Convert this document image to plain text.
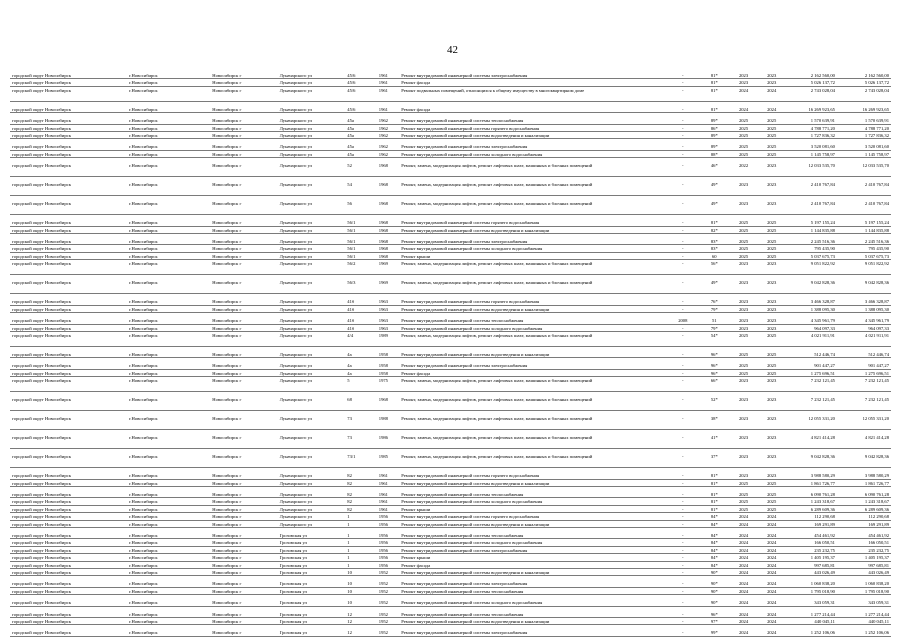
42
городской округ Новосибирск	г.Новосибирск	Новосибирск г	Луначарского ул	45/6	1961	Ремонт внутридомовой инженерной системы электроснабжения	-	81*	2023	2023	2 162 560,00	2 162 560,00
городской округ Новосибирск	г.Новосибирск	Новосибирск г	Луначарского ул	45/6	1961	Ремонт фасада	-	81*	2023	2023	5 026 137,72	5 026 137,72
городской округ Новосибирск	г.Новосибирск	Новосибирск г	Луначарского ул	45/6	1961	Ремонт подвальных помещений, относящихся к общему имуществу в многоквартирном доме	-	81*	2024	2024	2 743 028,04	2 743 028,04

городской округ Новосибирск	г.Новосибирск	Новосибирск г	Луначарского ул	45/6	1961	Ремонт фасада	-	81*	2024	2024	16 269 923,65	16 269 923,65

городской округ Новосибирск	г.Новосибирск	Новосибирск г	Луначарского ул	45а	1962	Ремонт внутридомовой инженерной системы теплоснабжения	-	89*	2025	2025	1 570 639,91	1 570 639,91
городской округ Новосибирск	г.Новосибирск	Новосибирск г	Луначарского ул	45а	1962	Ремонт внутридомовой инженерной системы горячего водоснабжения	-	86*	2025	2025	4 788 771,20	4 788 771,20
городской округ Новосибирск	г.Новосибирск	Новосибирск г	Луначарского ул	45а	1962	Ремонт внутридомовой инженерной системы водоотведения и канализации	-	89*	2025	2025	1 727 836,32	1 727 836,32

городской округ Новосибирск	г.Новосибирск	Новосибирск г	Луначарского ул	45а	1962	Ремонт внутридомовой инженерной системы электроснабжения	-	89*	2025	2025	3 520 081,60	3 520 081,60
городской округ Новосибирск	г.Новосибирск	Новосибирск г	Луначарского ул	45а	1962	Ремонт внутридомовой инженерной системы холодного водоснабжения	-	88*	2025	2025	1 145 758,97	1 145 758,97

городской округ Новосибирск	г.Новосибирск	Новосибирск г	Луначарского ул	52	1968	Ремонт, замена, модернизация лифтов, ремонт лифтовых шахт, машинных и блочных помещений	-	46*	2022	2023	12 033 535,70	12 033 535,70

городской округ Новосибирск	г.Новосибирск	Новосибирск г	Луначарского ул	54	1968	Ремонт, замена, модернизация лифтов, ремонт лифтовых шахт, машинных и блочных помещений	-	49*	2023	2023	2 410 767,84	2 410 767,84

городской округ Новосибирск	г.Новосибирск	Новосибирск г	Луначарского ул	56	1968	Ремонт, замена, модернизация лифтов, ремонт лифтовых шахт, машинных и блочных помещений	-	49*	2023	2023	2 410 767,84	2 410 767,84

городской округ Новосибирск	г.Новосибирск	Новосибирск г	Луначарского ул	56/1	1968	Ремонт внутридомовой инженерной системы горячего водоснабжения	-	81*	2025	2025	5 197 155,24	5 197 155,24
городской округ Новосибирск	г.Новосибирск	Новосибирск г	Луначарского ул	56/1	1968	Ремонт внутридомовой инженерной системы водоотведения и канализации	-	82*	2025	2025	1 144 835,88	1 144 835,88

городской округ Новосибирск	г.Новосибирск	Новосибирск г	Луначарского ул	56/1	1968	Ремонт внутридомовой инженерной системы электроснабжения	-	83*	2025	2025	2 245 516,36	2 245 516,36
городской округ Новосибирск	г.Новосибирск	Новосибирск г	Луначарского ул	56/1	1968	Ремонт внутридомовой инженерной системы холодного водоснабжения	-	83*	2025	2025	795 435,90	795 435,90
городской округ Новосибирск	г.Новосибирск	Новосибирск г	Луначарского ул	56/1	1968	Ремонт крыши	-	60	2025	2025	5 037 675,73	5 037 675,73
городской округ Новосибирск	г.Новосибирск	Новосибирск г	Луначарского ул	56/2	1969	Ремонт, замена, модернизация лифтов, ремонт лифтовых шахт, машинных и блочных помещений	-	56*	2023	2023	9 051 822,92	9 051 822,92

городской округ Новосибирск	г.Новосибирск	Новосибирск г	Луначарского ул	56/3	1969	Ремонт, замена, модернизация лифтов, ремонт лифтовых шахт, машинных и блочных помещений	-	49*	2023	2023	9 042 828,36	9 042 828,36

городской округ Новосибирск	г.Новосибирск	Новосибирск г	Луначарского ул	41б	1963	Ремонт внутридомовой инженерной системы горячего водоснабжения	-	76*	2023	2023	3 466 328,87	3 466 328,87
городской округ Новосибирск	г.Новосибирск	Новосибирск г	Луначарского ул	41б	1963	Ремонт внутридомовой инженерной системы водоотведения и канализации	-	79*	2023	2023	1 388 095,30	1 388 095,30

городской округ Новосибирск	г.Новосибирск	Новосибирск г	Луначарского ул	41б	1963	Ремонт внутридомовой инженерной системы теплоснабжения	2008	51	2023	2023	4 345 961,79	4 345 961,79
городской округ Новосибирск	г.Новосибирск	Новосибирск г	Луначарского ул	41б	1963	Ремонт внутридомовой инженерной системы холодного водоснабжения	-	79*	2023	2023	964 097,33	964 097,33
городской округ Новосибирск	г.Новосибирск	Новосибирск г	Луначарского ул	4/4	1989	Ремонт, замена, модернизация лифтов, ремонт лифтовых шахт, машинных и блочных помещений	-	54*	2025	2025	4 021 911,91	4 021 911,91

городской округ Новосибирск	г.Новосибирск	Новосибирск г	Луначарского ул	4а	1958	Ремонт внутридомовой инженерной системы водоотведения и канализации	-	96*	2025	2025	512 446,74	512 446,74

городской округ Новосибирск	г.Новосибирск	Новосибирск г	Луначарского ул	4а	1958	Ремонт внутридомовой инженерной системы электроснабжения	-	96*	2025	2025	901 447,27	901 447,27
городской округ Новосибирск	г.Новосибирск	Новосибирск г	Луначарского ул	4а	1958	Ремонт фасада	-	96*	2025	2025	1 275 696,51	1 275 696,51
городской округ Новосибирск	г.Новосибирск	Новосибирск г	Луначарского ул	5	1975	Ремонт, замена, модернизация лифтов, ремонт лифтовых шахт, машинных и блочных помещений	-	66*	2023	2023	7 232 121,45	7 232 121,45

городской округ Новосибирск	г.Новосибирск	Новосибирск г	Луначарского ул	68	1968	Ремонт, замена, модернизация лифтов, ремонт лифтовых шахт, машинных и блочных помещений	-	52*	2023	2023	7 232 121,45	7 232 121,45

городской округ Новосибирск	г.Новосибирск	Новосибирск г	Луначарского ул	73	1988	Ремонт, замена, модернизация лифтов, ремонт лифтовых шахт, машинных и блочных помещений	-	38*	2023	2023	12 055 331,20	12 055 331,20

городской округ Новосибирск	г.Новосибирск	Новосибирск г	Луначарского ул	73	1986	Ремонт, замена, модернизация лифтов, ремонт лифтовых шахт, машинных и блочных помещений	-	41*	2023	2023	4 821 414,28	4 821 414,28

городской округ Новосибирск	г.Новосибирск	Новосибирск г	Луначарского ул	73/1	1985	Ремонт, замена, модернизация лифтов, ремонт лифтовых шахт, машинных и блочных помещений	-	37*	2023	2023	9 042 828,36	9 042 828,36

городской округ Новосибирск	г.Новосибирск	Новосибирск г	Луначарского ул	82	1961	Ремонт внутридомовой инженерной системы горячего водоснабжения	-	81*	2023	2023	3 988 580,29	3 988 580,29
городской округ Новосибирск	г.Новосибирск	Новосибирск г	Луначарского ул	82	1961	Ремонт внутридомовой инженерной системы водоотведения и канализации	-	81*	2025	2025	1 861 726,77	1 861 726,77

городской округ Новосибирск	г.Новосибирск	Новосибирск г	Луначарского ул	82	1961	Ремонт внутридомовой инженерной системы теплоснабжения	-	81*	2025	2025	6 090 761,28	6 090 761,28
городской округ Новосибирск	г.Новосибирск	Новосибирск г	Луначарского ул	82	1961	Ремонт внутридомовой инженерной системы холодного водоснабжения	-	81*	2025	2025	1 243 318,67	1 243 318,67
городской округ Новосибирск	г.Новосибирск	Новосибирск г	Луначарского ул	82	1961	Ремонт крыши	-	81*	2025	2025	6 289 609,36	6 289 609,36
городской округ Новосибирск	г.Новосибирск	Новосибирск г	Луначарского ул	1	1956	Ремонт внутридомовой инженерной системы горячего водоснабжения	-	84*	2024	2024	112 290,68	112 290,68
городской округ Новосибирск	г.Новосибирск	Новосибирск г	Луначарского ул	1	1956	Ремонт внутридомовой инженерной системы водоотведения и канализации	-	84*	2024	2024	169 291,89	169 291,89

городской округ Новосибирск	г.Новосибирск	Новосибирск г	Грозовская ул	1	1956	Ремонт внутридомовой инженерной системы теплоснабжения	-	84*	2024	2024	454 461,92	454 461,92
городской округ Новосибирск	г.Новосибирск	Новосибирск г	Грозовская ул	1	1956	Ремонт внутридомовой инженерной системы холодного водоснабжения	-	84*	2024	2024	166 050,51	166 050,51
городской округ Новосибирск	г.Новосибирск	Новосибирск г	Грозовская ул	1	1956	Ремонт внутридомовой инженерной системы электроснабжения	-	84*	2024	2024	235 232,75	235 232,75
городской округ Новосибирск	г.Новосибирск	Новосибирск г	Грозовская ул	1	1956	Ремонт крыши	-	84*	2024	2024	1 405 195,37	1 405 195,37
городской округ Новосибирск	г.Новосибирск	Новосибирск г	Грозовская ул	1	1956	Ремонт фасада	-	84*	2024	2024	997 685,81	997 685,81
городской округ Новосибирск	г.Новосибирск	Новосибирск г	Грозовская ул	10	1952	Ремонт внутридомовой инженерной системы водоотведения и канализации	-	90*	2024	2024	443 026,49	443 026,49

городской округ Новосибирск	г.Новосибирск	Новосибирск г	Грозовская ул	10	1952	Ремонт внутридомовой инженерной системы электроснабжения	-	90*	2024	2024	1 060 838,20	1 060 838,20
городской округ Новосибирск	г.Новосибирск	Новосибирск г	Грозовская ул	10	1952	Ремонт внутридомовой инженерной системы теплоснабжения	-	90*	2024	2024	1 795 018,90	1 795 018,90

городской округ Новосибирск	г.Новосибирск	Новосибирск г	Грозовская ул	10	1952	Ремонт внутридомовой инженерной системы холодного водоснабжения	-	90*	2024	2024	343 059,31	343 059,31

городской округ Новосибирск	г.Новосибирск	Новосибирск г	Грозовская ул	12	1952	Ремонт внутридомовой инженерной системы теплоснабжения	-	96*	2024	2024	1 277 214,44	1 277 214,44
городской округ Новосибирск	г.Новосибирск	Новосибирск г	Грозовская ул	12	1952	Ремонт внутридомовой инженерной системы водоотведения и канализации	-	97*	2024	2024	440 045,11	440 045,11

городской округ Новосибирск	г.Новосибирск	Новосибирск г	Грозовская ул	12	1952	Ремонт внутридомовой инженерной системы электроснабжения	-	99*	2024	2024	1 252 106,06	1 252 106,06
